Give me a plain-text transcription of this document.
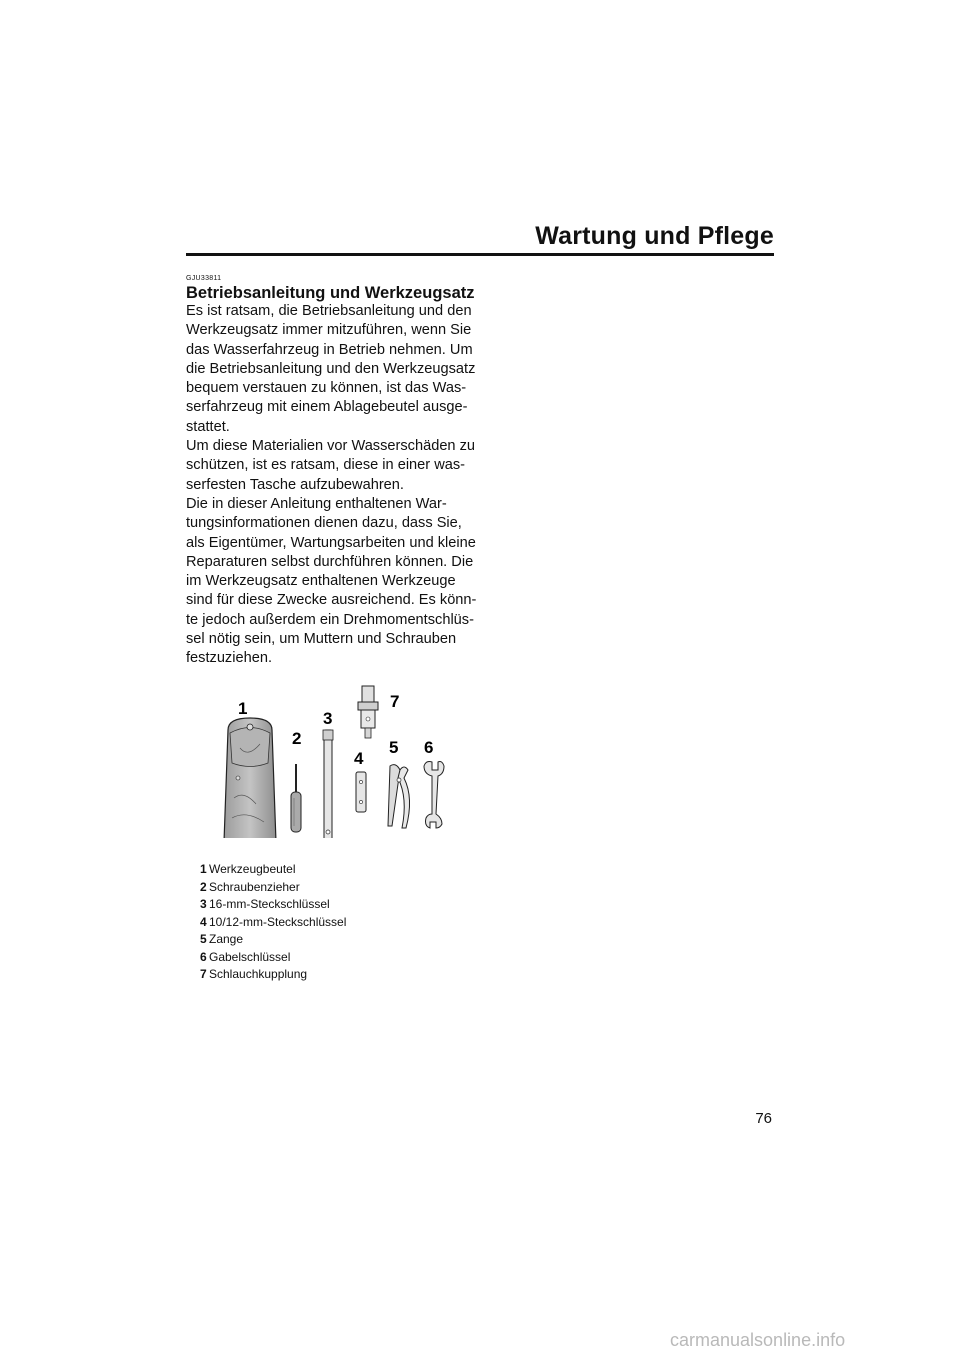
Wartung und Pflege
GJU33811
Betriebsanleitung und Werkzeugsatz

Es ist ratsam, die Betriebsanleitung und den
Werkzeugsatz immer mitzuführen, wenn Sie
das Wasserfahrzeug in Betrieb nehmen. Um
die Betriebsanleitung und den Werkzeugsatz
bequem verstauen zu können, ist das Was-
serfahrzeug mit einem Ablagebeutel ausge-
stattet.

Um diese Materialien vor Wasserschäden zu
schützen, ist es ratsam, diese in einer was-
serfesten Tasche aufzubewahren.

Die in dieser Anleitung enthaltenen War-
tungsinformationen dienen dazu, dass Sie,
als Eigentümer, Wartungsarbeiten und kleine
Reparaturen selbst durchführen können. Die
im Werkzeugsatz enthaltenen Werkzeuge
sind für diese Zwecke ausreichend. Es könn-
te jedoch außerdem ein Drehmomentschlüs-
sel nötig sein, um Muttern und Schrauben
festzuziehen.

1
2
3
4
5 6
7
1 Werkzeugbeutel
2 Schraubenzieher
3 16-mm-Steckschlüssel
4 10/12-mm-Steckschlüssel
5 Zange
6 Gabelschlüssel
7 Schlauchkupplung
76
carmanualsonline.info
